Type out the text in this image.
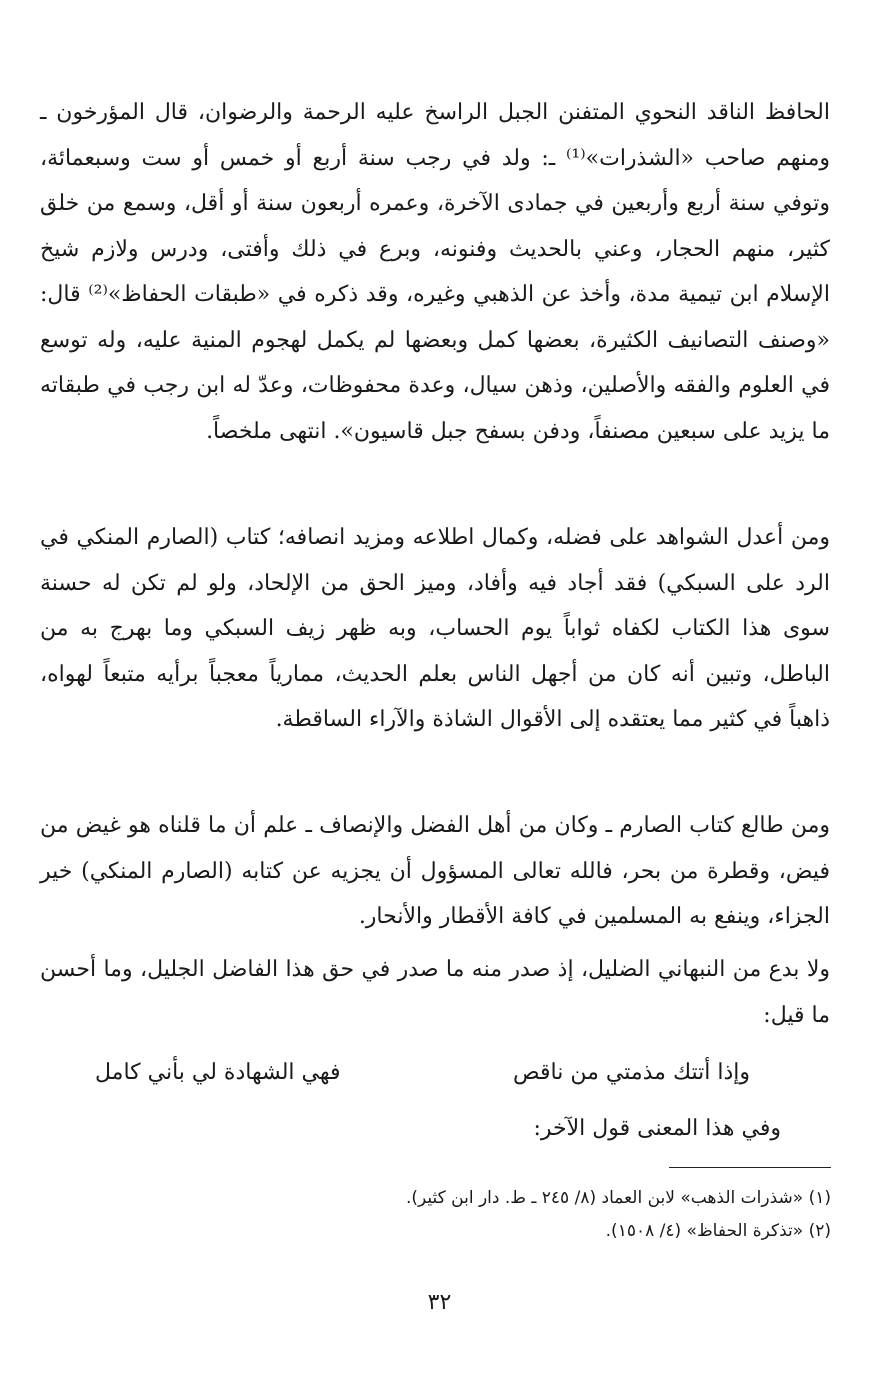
الحافظ الناقد النحوي المتفنن الجبل الراسخ عليه الرحمة والرضوان، قال المؤرخون ـ ومنهم صاحب «الشذرات»⁽¹⁾ ـ: ولد في رجب سنة أربع أو خمس أو ست وسبعمائة، وتوفي سنة أربع وأربعين في جمادى الآخرة، وعمره أربعون سنة أو أقل، وسمع من خلق كثير، منهم الحجار، وعني بالحديث وفنونه، وبرع في ذلك وأفتى، ودرس ولازم شيخ الإسلام ابن تيمية مدة، وأخذ عن الذهبي وغيره، وقد ذكره في «طبقات الحفاظ»⁽²⁾ قال: «وصنف التصانيف الكثيرة، بعضها كمل وبعضها لم يكمل لهجوم المنية عليه، وله توسع في العلوم والفقه والأصلين، وذهن سيال، وعدة محفوظات، وعدّ له ابن رجب في طبقاته ما يزيد على سبعين مصنفاً، ودفن بسفح جبل قاسيون». انتهى ملخصاً.

ومن أعدل الشواهد على فضله، وكمال اطلاعه ومزيد انصافه؛ كتاب (الصارم المنكي في الرد على السبكي) فقد أجاد فيه وأفاد، وميز الحق من الإلحاد، ولو لم تكن له حسنة سوى هذا الكتاب لكفاه ثواباً يوم الحساب، وبه ظهر زيف السبكي وما بهرج به من الباطل، وتبين أنه كان من أجهل الناس بعلم الحديث، ممارياً معجباً برأيه متبعاً لهواه، ذاهباً في كثير مما يعتقده إلى الأقوال الشاذة والآراء الساقطة.

ومن طالع كتاب الصارم ـ وكان من أهل الفضل والإنصاف ـ علم أن ما قلناه هو غيض من فيض، وقطرة من بحر، فالله تعالى المسؤول أن يجزيه عن كتابه (الصارم المنكي) خير الجزاء، وينفع به المسلمين في كافة الأقطار والأنحار.

ولا بدع من النبهاني الضليل، إذ صدر منه ما صدر في حق هذا الفاضل الجليل، وما أحسن ما قيل:

وإذا أتتك مذمتي من ناقص
فهي الشهادة لي بأني كامل
وفي هذا المعنى قول الآخر:

(١) «شذرات الذهب» لابن العماد (٨/ ٢٤٥ ـ ط. دار ابن كثير).

(٢) «تذكرة الحفاظ» (٤/ ١٥٠٨).

٣٢
